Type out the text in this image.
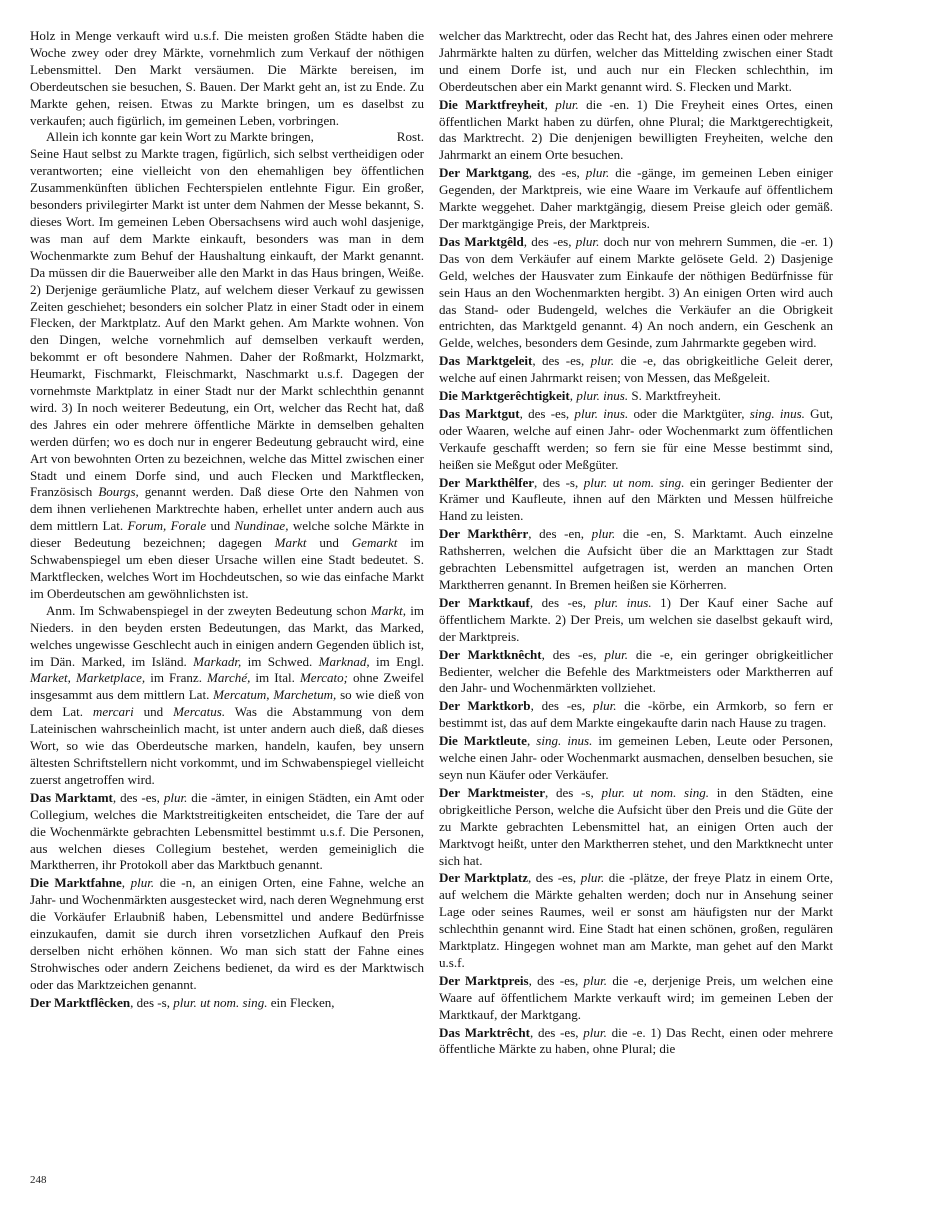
Holz in Menge verkauft wird u.s.f. Die meisten großen Städte haben die Woche zwey oder drey Märkte, vornehmlich zum Verkauf der nöthigen Lebensmittel. Den Markt versäumen. Die Märkte bereisen, im Oberdeutschen sie besuchen, S. Bauen. Der Markt geht an, ist zu Ende. Zu Markte gehen, reisen. Etwas zu Markte bringen, um es daselbst zu verkaufen; auch figürlich, im gemeinen Leben, vorbringen.

Allein ich konnte gar kein Wort zu Markte bringen,	Rost.

Seine Haut selbst zu Markte tragen, figürlich, sich selbst vertheidigen oder verantworten; eine vielleicht von den ehemahligen bey öffentlichen Zusammenkünften üblichen Fechterspielen entlehnte Figur. Ein großer, besonders privilegirter Markt ist unter dem Nahmen der Messe bekannt, S. dieses Wort. Im gemeinen Leben Obersachsens wird auch wohl dasjenige, was man auf dem Markte einkauft, besonders was man in dem Wochenmarkte zum Behuf der Haushaltung einkauft, der Markt genannt. Da müssen dir die Bauerweiber alle den Markt in das Haus bringen, Weiße. 2) Derjenige geräumliche Platz, auf welchem dieser Verkauf zu gewissen Zeiten geschiehet; besonders ein solcher Platz in einer Stadt oder in einem Flecken, der Marktplatz. Auf den Markt gehen. Am Markte wohnen. Von den Dingen, welche vornehmlich auf demselben verkauft werden, bekommt er oft besondere Nahmen. Daher der Roßmarkt, Holzmarkt, Heumarkt, Fischmarkt, Fleischmarkt, Naschmarkt u.s.f. Dagegen der vornehmste Marktplatz in einer Stadt nur der Markt schlechthin genannt wird. 3) In noch weiterer Bedeutung, ein Ort, welcher das Recht hat, daß des Jahres ein oder mehrere öffentliche Märkte in demselben gehalten werden dürfen; wo es doch nur in engerer Bedeutung gebraucht wird, eine Art von bewohnten Orten zu bezeichnen, welche das Mittel zwischen einer Stadt und einem Dorfe sind, und auch Flecken und Marktflecken, Französisch Bourgs, genannt werden. Daß diese Orte den Nahmen von dem ihnen verliehenen Marktrechte haben, erhellet unter andern auch aus dem mittlern Lat. Forum, Forale und Nundinae, welche solche Märkte in dieser Bedeutung bezeichnen; dagegen Markt und Gemarkt im Schwabenspiegel um eben dieser Ursache willen eine Stadt bedeutet. S. Marktflecken, welches Wort im Hochdeutschen, so wie das einfache Markt im Oberdeutschen am gewöhnlichsten ist.

Anm. Im Schwabenspiegel in der zweyten Bedeutung schon Markt, im Nieders. in den beyden ersten Bedeutungen, das Markt, das Marked, welches ungewisse Geschlecht auch in einigen andern Gegenden üblich ist, im Dän. Marked, im Isländ. Markadr, im Schwed. Marknad, im Engl. Market, Marketplace, im Franz. Marché, im Ital. Mercato; ohne Zweifel insgesammt aus dem mittlern Lat. Mercatum, Marchetum, so wie dieß von dem Lat. mercari und Mercatus. Was die Abstammung von dem Lateinischen wahrscheinlich macht, ist unter andern auch dieß, daß dieses Wort, so wie das Oberdeutsche marken, handeln, kaufen, bey unsern ältesten Schriftstellern nicht vorkommt, und im Schwabenspiegel vielleicht zuerst angetroffen wird.

Das Marktamt, des -es, plur. die -ämter, in einigen Städten, ein Amt oder Collegium, welches die Marktstreitigkeiten entscheidet, die Tare der auf die Wochenmärkte gebrachten Lebensmittel bestimmt u.s.f. Die Personen, aus welchen dieses Collegium bestehet, werden gemeiniglich die Marktherren, ihr Protokoll aber das Marktbuch genannt.

Die Marktfahne, plur. die -n, an einigen Orten, eine Fahne, welche an Jahr- und Wochenmärkten ausgestecket wird, nach deren Wegnehmung erst die Vorkäufer Erlaubniß haben, Lebensmittel und andere Bedürfnisse einzukaufen, damit sie durch ihren vorsetzlichen Aufkauf den Preis derselben nicht erhöhen können. Wo man sich statt der Fahne eines Strohwisches oder andern Zeichens bedienet, da wird es der Marktwisch oder das Marktzeichen genannt.

Der Marktflêcken, des -s, plur. ut nom. sing. ein Flecken,

welcher das Marktrecht, oder das Recht hat, des Jahres einen oder mehrere Jahrmärkte halten zu dürfen, welcher das Mittelding zwischen einer Stadt und einem Dorfe ist, und auch nur ein Flecken schlechthin, im Oberdeutschen aber ein Markt genannt wird. S. Flecken und Markt.

Die Marktfreyheit, plur. die -en. 1) Die Freyheit eines Ortes, einen öffentlichen Markt haben zu dürfen, ohne Plural; die Marktgerechtigkeit, das Marktrecht. 2) Die denjenigen bewilligten Freyheiten, welche den Jahrmarkt an einem Orte besuchen.

Der Marktgang, des -es, plur. die -gänge, im gemeinen Leben einiger Gegenden, der Marktpreis, wie eine Waare im Verkaufe auf öffentlichem Markte weggehet. Daher marktgängig, diesem Preise gleich oder gemäß. Der marktgängige Preis, der Marktpreis.

Das Marktgêld, des -es, plur. doch nur von mehrern Summen, die -er. 1) Das von dem Verkäufer auf einem Markte gelösete Geld. 2) Dasjenige Geld, welches der Hausvater zum Einkaufe der nöthigen Bedürfnisse für sein Haus an den Wochenmarkten hergibt. 3) An einigen Orten wird auch das Stand- oder Budengeld, welches die Verkäufer an die Obrigkeit entrichten, das Marktgeld genannt. 4) An noch andern, ein Geschenk an Gelde, welches, besonders dem Gesinde, zum Jahrmarkte gegeben wird.

Das Marktgeleit, des -es, plur. die -e, das obrigkeitliche Geleit derer, welche auf einen Jahrmarkt reisen; von Messen, das Meßgeleit.

Die Marktgerêchtigkeit, plur. inus. S. Marktfreyheit.

Das Marktgut, des -es, plur. inus. oder die Marktgüter, sing. inus. Gut, oder Waaren, welche auf einen Jahr- oder Wochenmarkt zum öffentlichen Verkaufe geschafft werden; so fern sie für eine Messe bestimmt sind, heißen sie Meßgut oder Meßgüter.

Der Markthêlfer, des -s, plur. ut nom. sing. ein geringer Bedienter der Krämer und Kaufleute, ihnen auf den Märkten und Messen hülfreiche Hand zu leisten.

Der Markthêrr, des -en, plur. die -en, S. Marktamt. Auch einzelne Rathsherren, welchen die Aufsicht über die an Markttagen zur Stadt gebrachten Lebensmittel aufgetragen ist, werden an manchen Orten Marktherren genannt. In Bremen heißen sie Körherren.

Der Marktkauf, des -es, plur. inus. 1) Der Kauf einer Sache auf öffentlichem Markte. 2) Der Preis, um welchen sie daselbst gekauft wird, der Marktpreis.

Der Marktknêcht, des -es, plur. die -e, ein geringer obrigkeitlicher Bedienter, welcher die Befehle des Marktmeisters oder Marktherren auf den Jahr- und Wochenmärkten vollziehet.

Der Marktkorb, des -es, plur. die -körbe, ein Armkorb, so fern er bestimmt ist, das auf dem Markte eingekaufte darin nach Hause zu tragen.

Die Marktleute, sing. inus. im gemeinen Leben, Leute oder Personen, welche einen Jahr- oder Wochenmarkt ausmachen, denselben besuchen, sie seyn nun Käufer oder Verkäufer.

Der Marktmeister, des -s, plur. ut nom. sing. in den Städten, eine obrigkeitliche Person, welche die Aufsicht über den Preis und die Güte der zu Markte gebrachten Lebensmittel hat, an einigen Orten auch der Marktvogt heißt, unter den Marktherren stehet, und den Marktknecht unter sich hat.

Der Marktplatz, des -es, plur. die -plätze, der freye Platz in einem Orte, auf welchem die Märkte gehalten werden; doch nur in Ansehung seiner Lage oder seines Raumes, weil er sonst am häufigsten nur der Markt schlechthin genannt wird. Eine Stadt hat einen schönen, großen, regulären Marktplatz. Hingegen wohnet man am Markte, man gehet auf den Markt u.s.f.

Der Marktpreis, des -es, plur. die -e, derjenige Preis, um welchen eine Waare auf öffentlichem Markte verkauft wird; im gemeinen Leben der Marktkauf, der Marktgang.

Das Marktrêcht, des -es, plur. die -e. 1) Das Recht, einen oder mehrere öffentliche Märkte zu haben, ohne Plural; die

248
